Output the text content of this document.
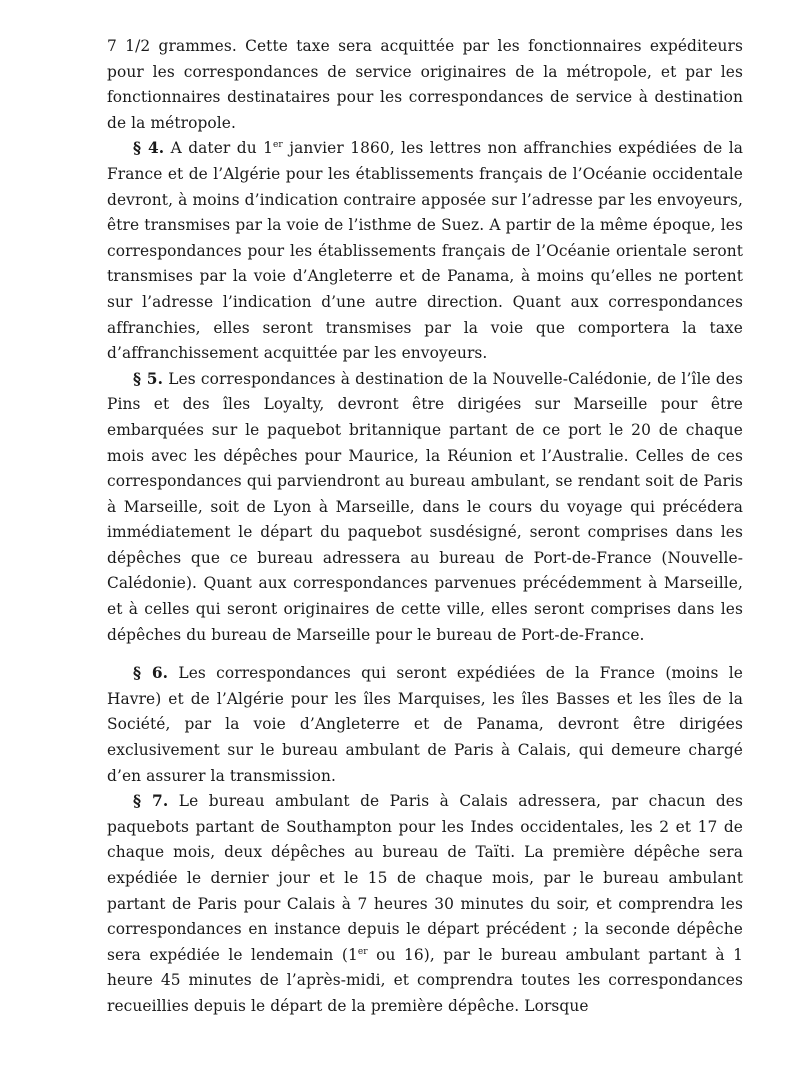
7 1/2 grammes. Cette taxe sera acquittée par les fonctionnaires expéditeurs pour les correspondances de service originaires de la métropole, et par les fonctionnaires destinataires pour les correspondances de service à destination de la métropole.

§ 4. A dater du 1er janvier 1860, les lettres non affranchies expédiées de la France et de l’Algérie pour les établissements français de l’Océanie occidentale devront, à moins d’indication contraire apposée sur l’adresse par les envoyeurs, être transmises par la voie de l’isthme de Suez. A partir de la même époque, les correspondances pour les établissements français de l’Océanie orientale seront transmises par la voie d’Angleterre et de Panama, à moins qu’elles ne portent sur l’adresse l’indication d’une autre direction. Quant aux correspondances affranchies, elles seront transmises par la voie que comportera la taxe d’affranchissement acquittée par les envoyeurs.

§ 5. Les correspondances à destination de la Nouvelle-Calédonie, de l’île des Pins et des îles Loyalty, devront être dirigées sur Marseille pour être embarquées sur le paquebot britannique partant de ce port le 20 de chaque mois avec les dépêches pour Maurice, la Réunion et l’Australie. Celles de ces correspondances qui parviendront au bureau ambulant, se rendant soit de Paris à Marseille, soit de Lyon à Marseille, dans le cours du voyage qui précédera immédiatement le départ du paquebot susdésigné, seront comprises dans les dépêches que ce bureau adressera au bureau de Port-de-France (Nouvelle-Calédonie). Quant aux correspondances parvenues précédemment à Marseille, et à celles qui seront originaires de cette ville, elles seront comprises dans les dépêches du bureau de Marseille pour le bureau de Port-de-France.

§ 6. Les correspondances qui seront expédiées de la France (moins le Havre) et de l’Algérie pour les îles Marquises, les îles Basses et les îles de la Société, par la voie d’Angleterre et de Panama, devront être dirigées exclusivement sur le bureau ambulant de Paris à Calais, qui demeure chargé d’en assurer la transmission.

§ 7. Le bureau ambulant de Paris à Calais adressera, par chacun des paquebots partant de Southampton pour les Indes occidentales, les 2 et 17 de chaque mois, deux dépêches au bureau de Taïti. La première dépêche sera expédiée le dernier jour et le 15 de chaque mois, par le bureau ambulant partant de Paris pour Calais à 7 heures 30 minutes du soir, et comprendra les correspondances en instance depuis le départ précédent ; la seconde dépêche sera expédiée le lendemain (1er ou 16), par le bureau ambulant partant à 1 heure 45 minutes de l’après-midi, et comprendra toutes les correspondances recueillies depuis le départ de la première dépêche. Lorsque
